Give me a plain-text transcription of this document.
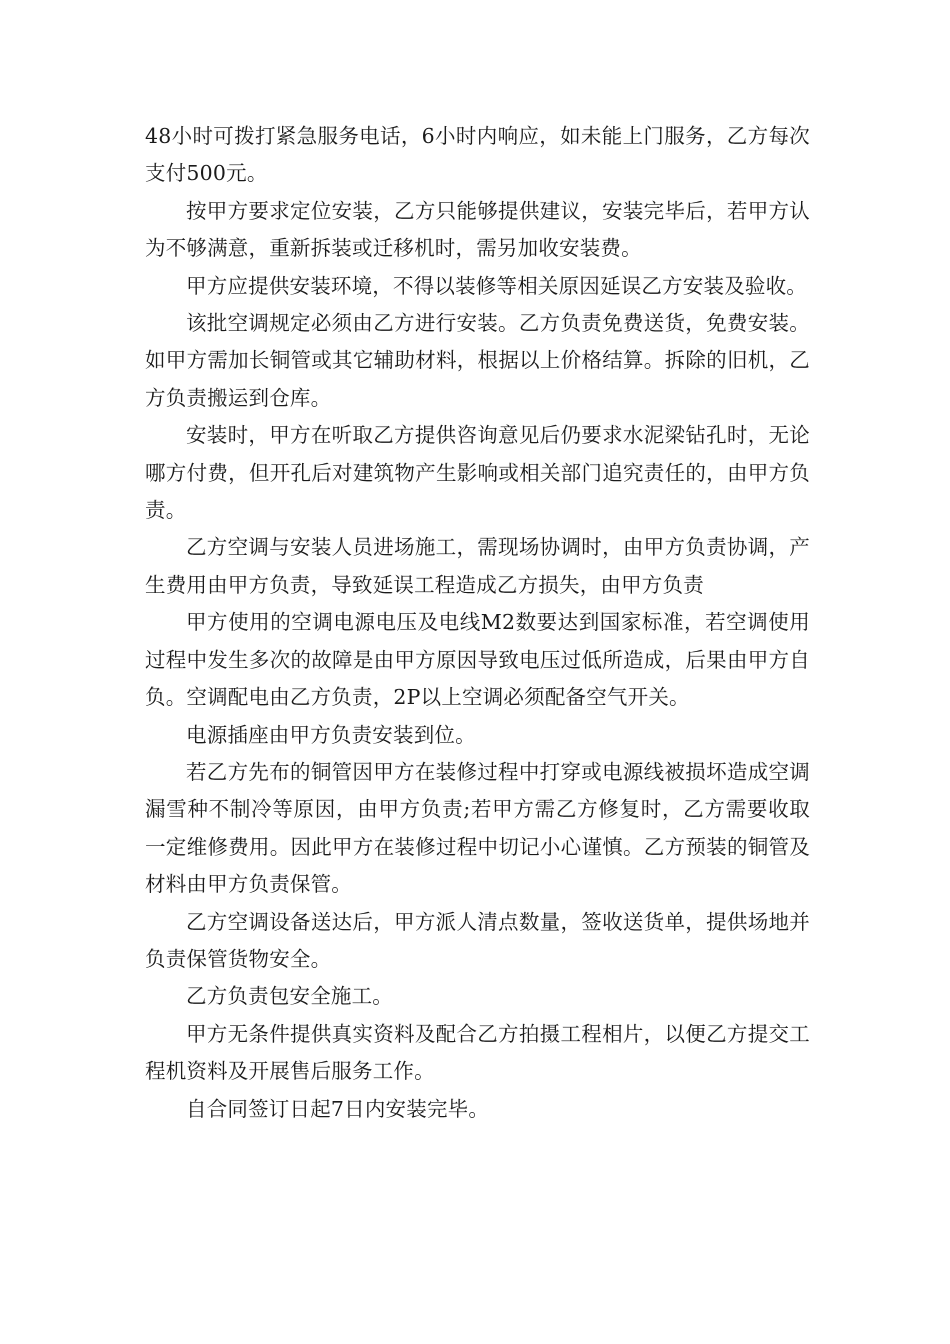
48小时可拨打紧急服务电话，6小时内响应，如未能上门服务，乙方每次支付500元。

按甲方要求定位安装，乙方只能够提供建议，安装完毕后，若甲方认为不够满意，重新拆装或迁移机时，需另加收安装费。

甲方应提供安装环境，不得以装修等相关原因延误乙方安装及验收。

该批空调规定必须由乙方进行安装。乙方负责免费送货，免费安装。如甲方需加长铜管或其它辅助材料，根据以上价格结算。拆除的旧机，乙方负责搬运到仓库。

安装时，甲方在听取乙方提供咨询意见后仍要求水泥梁钻孔时，无论哪方付费，但开孔后对建筑物产生影响或相关部门追究责任的，由甲方负责。

乙方空调与安装人员进场施工，需现场协调时，由甲方负责协调，产生费用由甲方负责，导致延误工程造成乙方损失，由甲方负责

甲方使用的空调电源电压及电线M2数要达到国家标准，若空调使用过程中发生多次的故障是由甲方原因导致电压过低所造成，后果由甲方自负。空调配电由乙方负责，2P以上空调必须配备空气开关。

电源插座由甲方负责安装到位。

若乙方先布的铜管因甲方在装修过程中打穿或电源线被损坏造成空调漏雪种不制冷等原因，由甲方负责;若甲方需乙方修复时，乙方需要收取一定维修费用。因此甲方在装修过程中切记小心谨慎。乙方预装的铜管及材料由甲方负责保管。

乙方空调设备送达后，甲方派人清点数量，签收送货单，提供场地并负责保管货物安全。

乙方负责包安全施工。

甲方无条件提供真实资料及配合乙方拍摄工程相片，以便乙方提交工程机资料及开展售后服务工作。

自合同签订日起7日内安装完毕。
